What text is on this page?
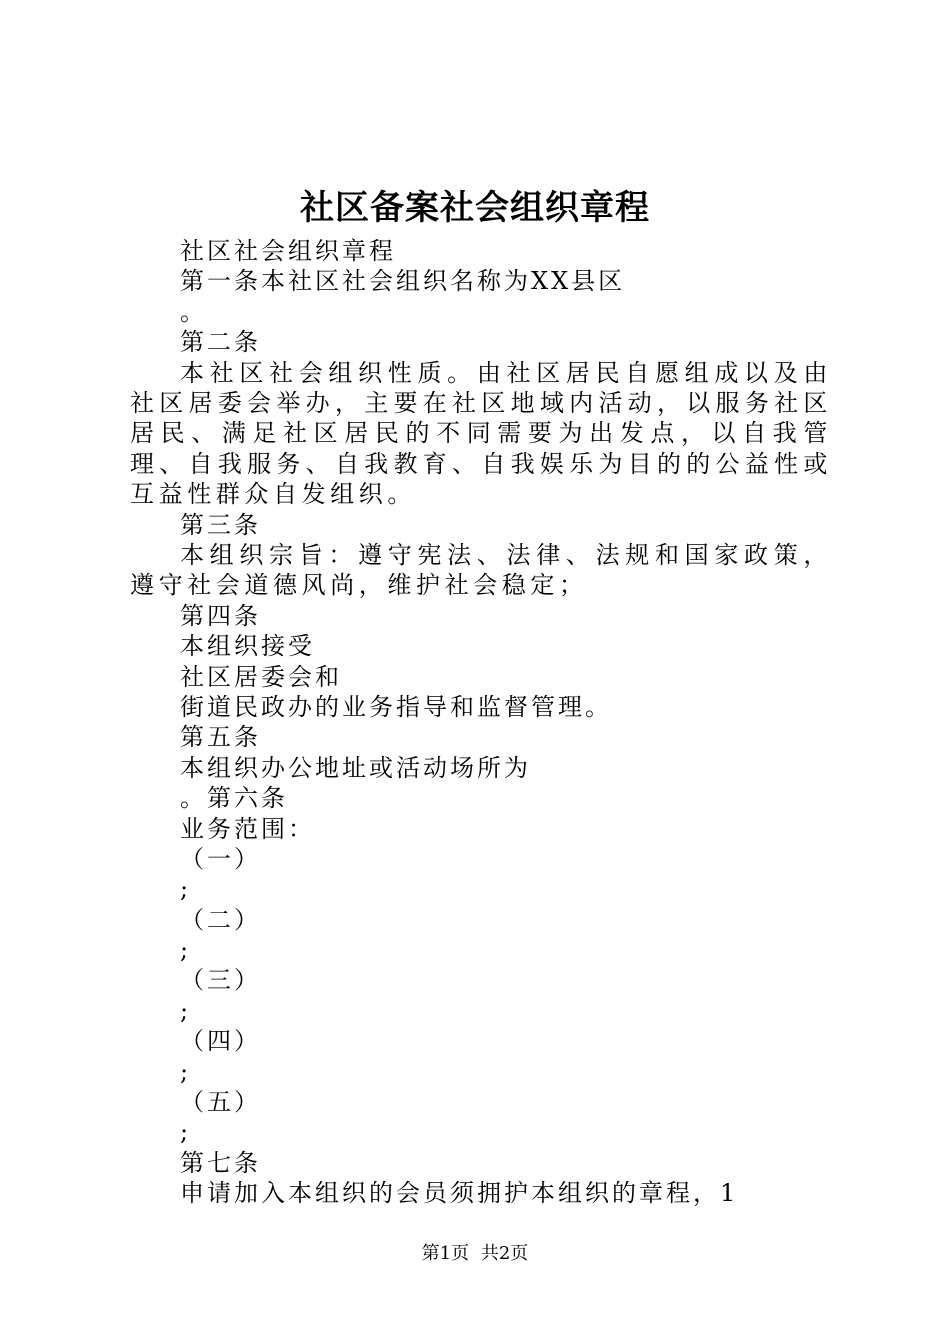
社区备案社会组织章程

社区社会组织章程

第一条本社区社会组织名称为XX县区

。

第二条

本社区社会组织性质。由社区居民自愿组成以及由社区居委会举办，主要在社区地域内活动，以服务社区居民、满足社区居民的不同需要为出发点，以自我管理、自我服务、自我教育、自我娱乐为目的的公益性或互益性群众自发组织。

第三条

本组织宗旨：遵守宪法、法律、法规和国家政策，遵守社会道德风尚，维护社会稳定；

第四条

本组织接受

社区居委会和

街道民政办的业务指导和监督管理。

第五条

本组织办公地址或活动场所为

。第六条

业务范围：

（一）

;

（二）

;

（三）

;

（四）

;

（五）

;

第七条

申请加入本组织的会员须拥护本组织的章程，1

第1页 共2页
